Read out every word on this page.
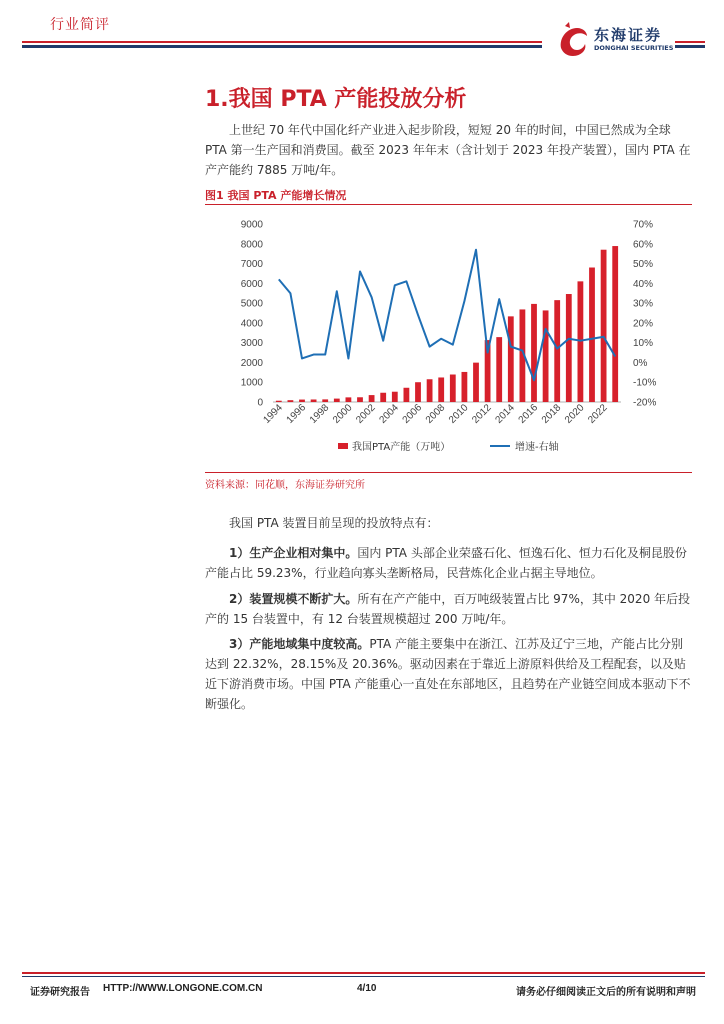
行业简评
东海证券
DONGHAI SECURITIES
1.我国 PTA 产能投放分析

上世纪 70 年代中国化纤产业进入起步阶段，短短 20 年的时间，中国已然成为全球 PTA 第一生产国和消费国。截至 2023 年年末（含计划于 2023 年投产装置），国内 PTA 在产产能约 7885 万吨/年。

图1 我国 PTA 产能增长情况
0
1000
2000
3000
4000
5000
6000
7000
8000
9000
-20%
-10%
0%
10%
20%
30%
40%
50%
60%
70%
1994 1996 1998 2000 2002 2004 2006 2008 2010 2012 2014 2016 2018 2020 2022
我国PTA产能（万吨）	增速-右轴
资料来源：同花顺，东海证券研究所

我国 PTA 装置目前呈现的投放特点有：

1）生产企业相对集中。国内 PTA 头部企业荣盛石化、恒逸石化、恒力石化及桐昆股份产能占比 59.23%，行业趋向寡头垄断格局，民营炼化企业占据主导地位。

2）装置规模不断扩大。所有在产产能中，百万吨级装置占比 97%，其中 2020 年后投产的 15 台装置中，有 12 台装置规模超过 200 万吨/年。

3）产能地域集中度较高。PTA 产能主要集中在浙江、江苏及辽宁三地，产能占比分别达到 22.32%，28.15%及 20.36%。驱动因素在于靠近上游原料供给及工程配套，以及贴近下游消费市场。中国 PTA 产能重心一直处在东部地区，且趋势在产业链空间成本驱动下不断强化。

证券研究报告 HTTP://WWW.LONGONE.COM.CN	4/10	请务必仔细阅读正文后的所有说明和声明
